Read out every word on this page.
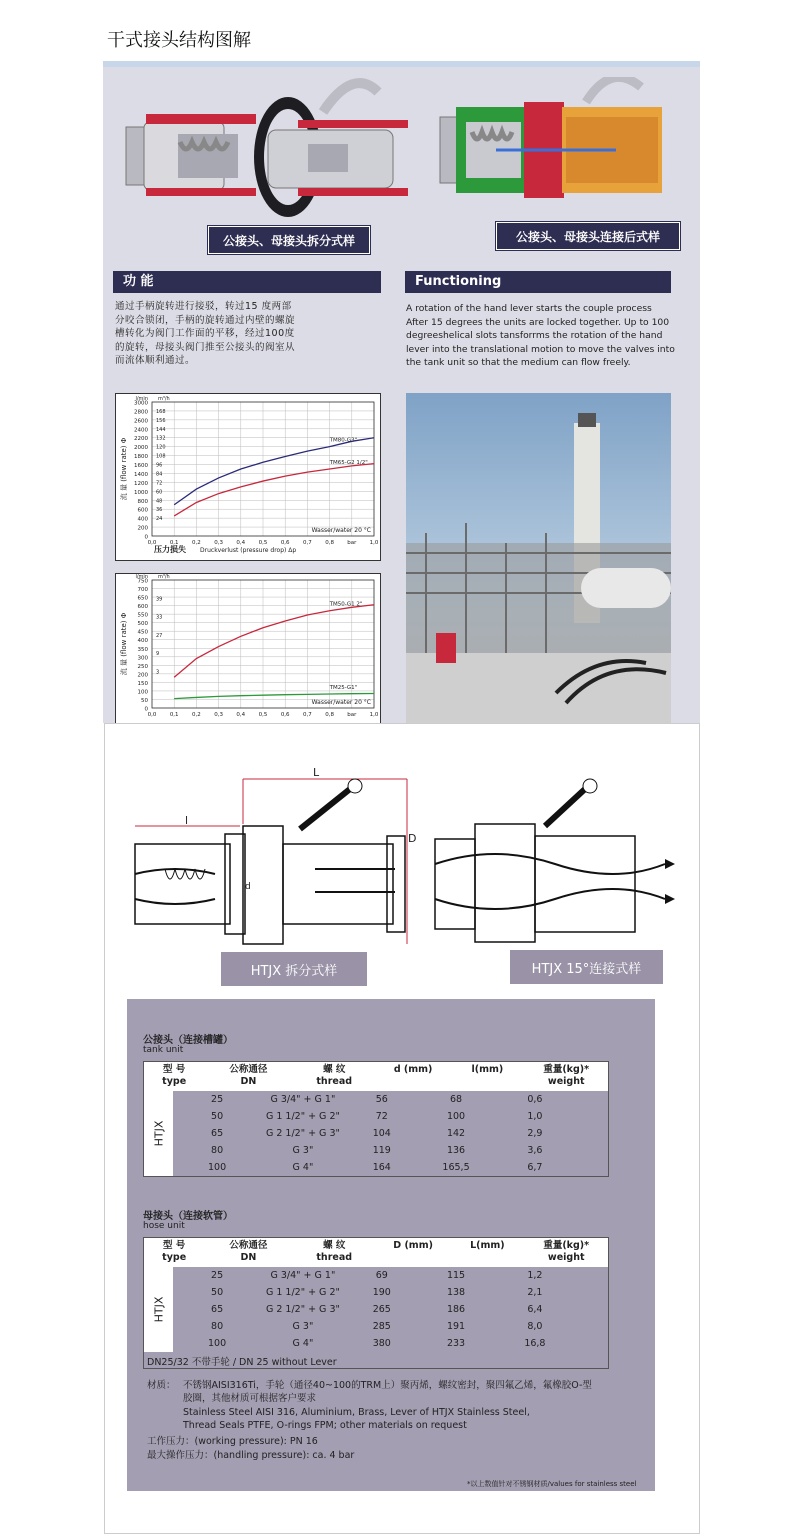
干式接头结构图解
公接头、母接头拆分式样	公接头、母接头连接后式样
功 能	Functioning
通过手柄旋转进行接驳，转过15 度两部
分咬合锁闭，手柄的旋转通过内壁的螺旋
槽转化为阀门工作面的平移，经过100度
的旋转，母接头阀门推至公接头的阀室从
而流体顺利通过。
A rotation of the hand lever starts the couple process
After 15 degrees the units are locked together. Up to 100
degreeshelical slots tansforrms the rotation of the hand
lever into the translational motion to move the valves into
the tank unit so that the medium can flow freely.
3000
2800
2600
2400
2200
2000
1800
1600
1400
1200
1000
800
600
400
200
0
168
156
144
132
120
108
96
84
72
60
48
36
24
0,0 0,1 0,2 0,3 0,4 0,5 0,6 0,7 0,8 bar 1,0
l/min m³/h
流 量 (flow rate) Φ	TM80-G3"
TM65-G2 1/2"
Wasser/water 20 °C
压力损失 Druckverlust (pressure drop) Δp
750
700
650
600
550
500
450
400
350
300
250
200
150
100
50
0
39
33
27
9
3
0,0 0,1 0,2 0,3 0,4 0,5 0,6 0,7 0,8 bar 1,0
l/min m³/h
流 量 (flow rate) Φ
TM50-G1 2"
TM25-G1"
Wasser/water 20 °C
L
l
D
d
HTJX 拆分式样	HTJX 15°连接式样
公接头（连接槽罐）
tank unit
HTJX
型 号
type
公称通径
DN
螺 纹
thread
d (mm)	l(mm)	重量(kg)*
weight
25	G 3/4" + G 1"	56	68	0,6
50	G 1 1/2" + G 2"	72	100	1,0
65	G 2 1/2" + G 3"	104	142	2,9
80	G 3"	119	136	3,6
100	G 4"	164	165,5	6,7
母接头（连接软管）
hose unit
HTJX
型 号
type
公称通径
DN
螺 纹
thread
D (mm)	L(mm)	重量(kg)*
weight
25	G 3/4" + G 1"	69	115	1,2
50	G 1 1/2" + G 2"	190	138	2,1
65	G 2 1/2" + G 3"	265	186	6,4
80	G 3"	285	191	8,0
100	G 4"	380	233	16,8
DN25/32 不带手轮 / DN 25 without Lever
材质： 不锈钢AISI316Ti，手轮（通径40~100的TRM上）聚丙烯，螺纹密封，聚四氟乙烯，氟橡胶O-型
胶圈，其他材质可根据客户要求
Stainless Steel AISI 316, Aluminium, Brass, Lever of HTJX Stainless Steel,
Thread Seals PTFE, O-rings FPM; other materials on request
工作压力：(working pressure): PN 16
最大操作压力：(handling pressure): ca. 4 bar
*以上数值针对不锈钢材质/values for stainless steel
